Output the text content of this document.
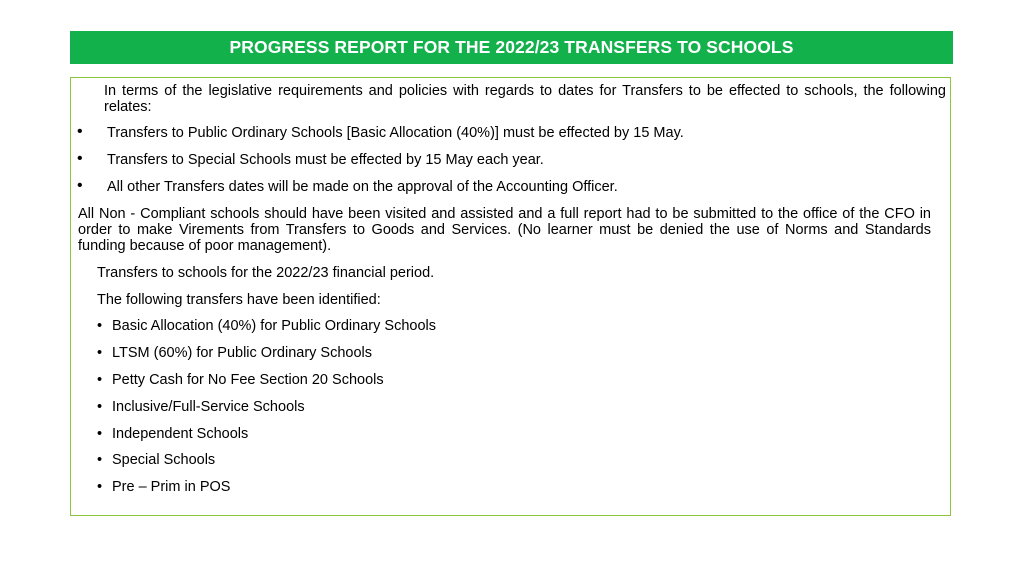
PROGRESS REPORT FOR THE 2022/23 TRANSFERS TO SCHOOLS
In terms of the legislative requirements and policies with regards to dates for Transfers to be effected to schools, the following relates:
• Transfers to Public Ordinary Schools [Basic Allocation (40%)] must be effected by 15 May.
• Transfers to Special Schools must be effected by 15 May each year.
• All other Transfers dates will be made on the approval of the Accounting Officer.
All Non - Compliant schools should have been visited and assisted and a full report had to be submitted to the office of the CFO in order to make Virements from Transfers to Goods and Services. (No learner must be denied the use of Norms and Standards funding because of poor management).
Transfers to schools for the 2022/23 financial period.
The following transfers have been identified:
• Basic Allocation (40%) for Public Ordinary Schools
• LTSM (60%) for Public Ordinary Schools
• Petty Cash for No Fee Section 20 Schools
• Inclusive/Full-Service Schools
• Independent Schools
• Special Schools
• Pre – Prim in POS
